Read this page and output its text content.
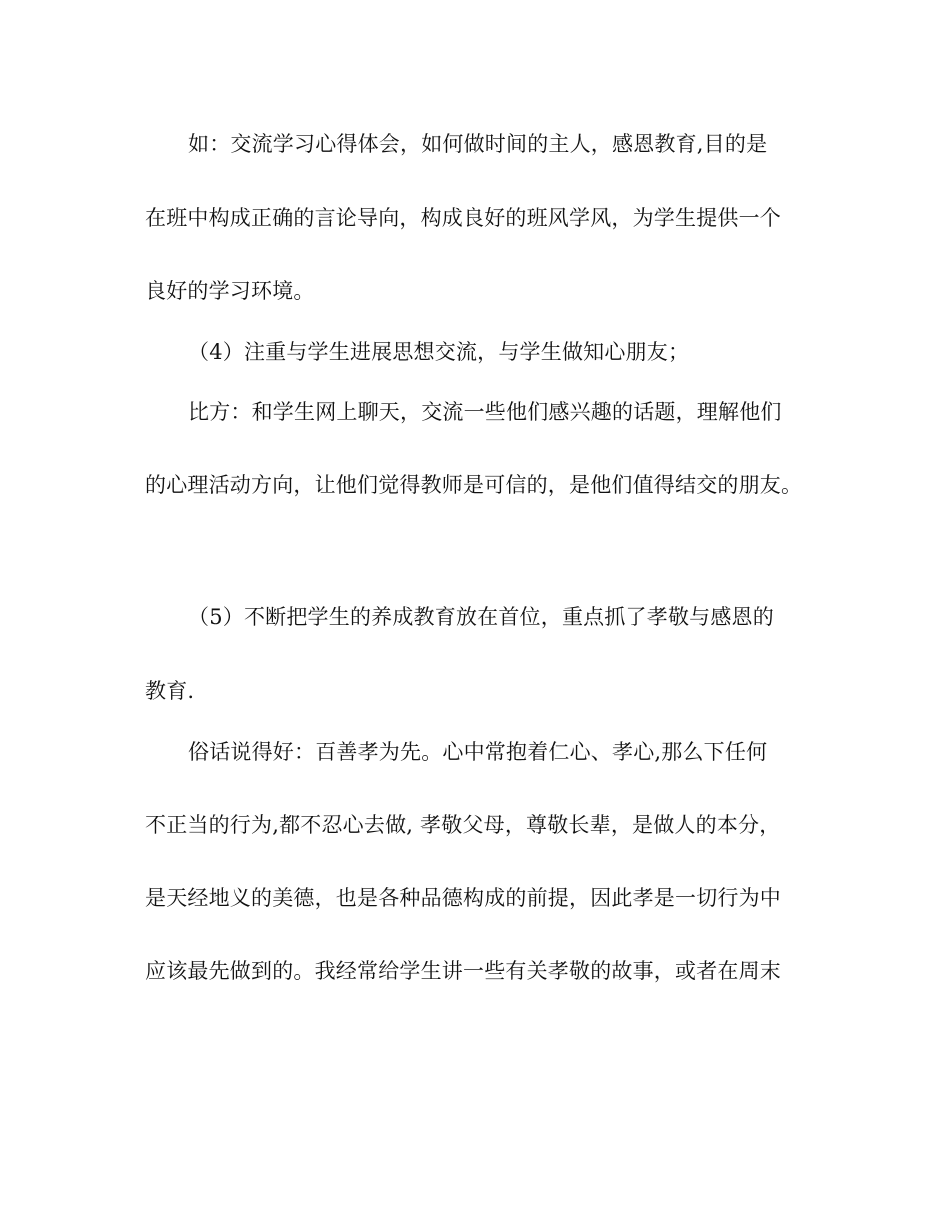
如：交流学习心得体会，如何做时间的主人，感恩教育,目的是
在班中构成正确的言论导向，构成良好的班风学风，为学生提供一个
良好的学习环境。
（4）注重与学生进展思想交流，与学生做知心朋友；
比方：和学生网上聊天，交流一些他们感兴趣的话题，理解他们
的心理活动方向，让他们觉得教师是可信的，是他们值得结交的朋友。
（5）不断把学生的养成教育放在首位，重点抓了孝敬与感恩的
教育.
俗话说得好：百善孝为先。心中常抱着仁心、孝心,那么下任何
不正当的行为,都不忍心去做, 孝敬父母，尊敬长辈，是做人的本分，
是天经地义的美德，也是各种品德构成的前提，因此孝是一切行为中
应该最先做到的。我经常给学生讲一些有关孝敬的故事，或者在周末
